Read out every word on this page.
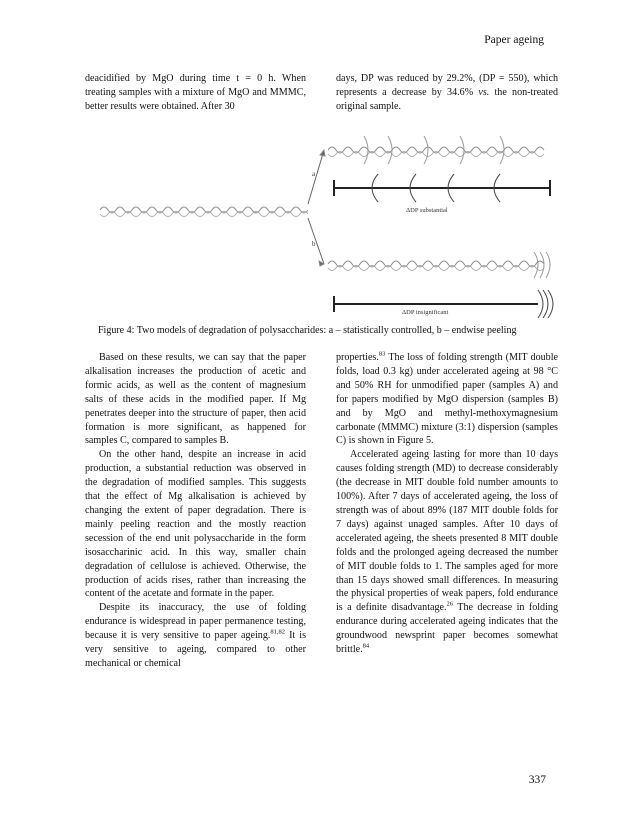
Paper ageing

deacidified by MgO during time t = 0 h. When treating samples with a mixture of MgO and MMMC, better results were obtained. After 30

days, DP was reduced by 29.2%, (DP = 550), which represents a decrease by 34.6% vs. the non-treated original sample.

a
b
ΔDP substantial
ΔDP insignificant
Figure 4: Two models of degradation of polysaccharides: a – statistically controlled, b – endwise peeling

Based on these results, we can say that the paper alkalisation increases the production of acetic and formic acids, as well as the content of magnesium salts of these acids in the modified paper. If Mg penetrates deeper into the structure of paper, then acid formation is more significant, as happened for samples C, compared to samples B.

On the other hand, despite an increase in acid production, a substantial reduction was observed in the degradation of modified samples. This suggests that the effect of Mg alkalisation is achieved by changing the extent of paper degradation. There is mainly peeling reaction and the mostly reaction secession of the end unit polysaccharide in the form isosaccharinic acid. In this way, smaller chain degradation of cellulose is achieved. Otherwise, the production of acids rises, rather than increasing the content of the acetate and formate in the paper.

Despite its inaccuracy, the use of folding endurance is widespread in paper permanence testing, because it is very sensitive to paper ageing.$^{81,82}$ It is very sensitive to ageing, compared to other mechanical or chemical

properties.$^{83}$ The loss of folding strength (MIT double folds, load 0.3 kg) under accelerated ageing at 98 °C and 50% RH for unmodified paper (samples A) and for papers modified by MgO dispersion (samples B) and by MgO and methyl-methoxymagnesium carbonate (MMMC) mixture (3:1) dispersion (samples C) is shown in Figure 5.

Accelerated ageing lasting for more than 10 days causes folding strength (MD) to decrease considerably (the decrease in MIT double fold number amounts to 100%). After 7 days of accelerated ageing, the loss of strength was of about 89% (187 MIT double folds for 7 days) against unaged samples. After 10 days of accelerated ageing, the sheets presented 8 MIT double folds and the prolonged ageing decreased the number of MIT double folds to 1. The samples aged for more than 15 days showed small differences. In measuring the physical properties of weak papers, fold endurance is a definite disadvantage.$^{26}$ The decrease in folding endurance during accelerated ageing indicates that the groundwood newsprint paper becomes somewhat brittle.$^{84}$

337
